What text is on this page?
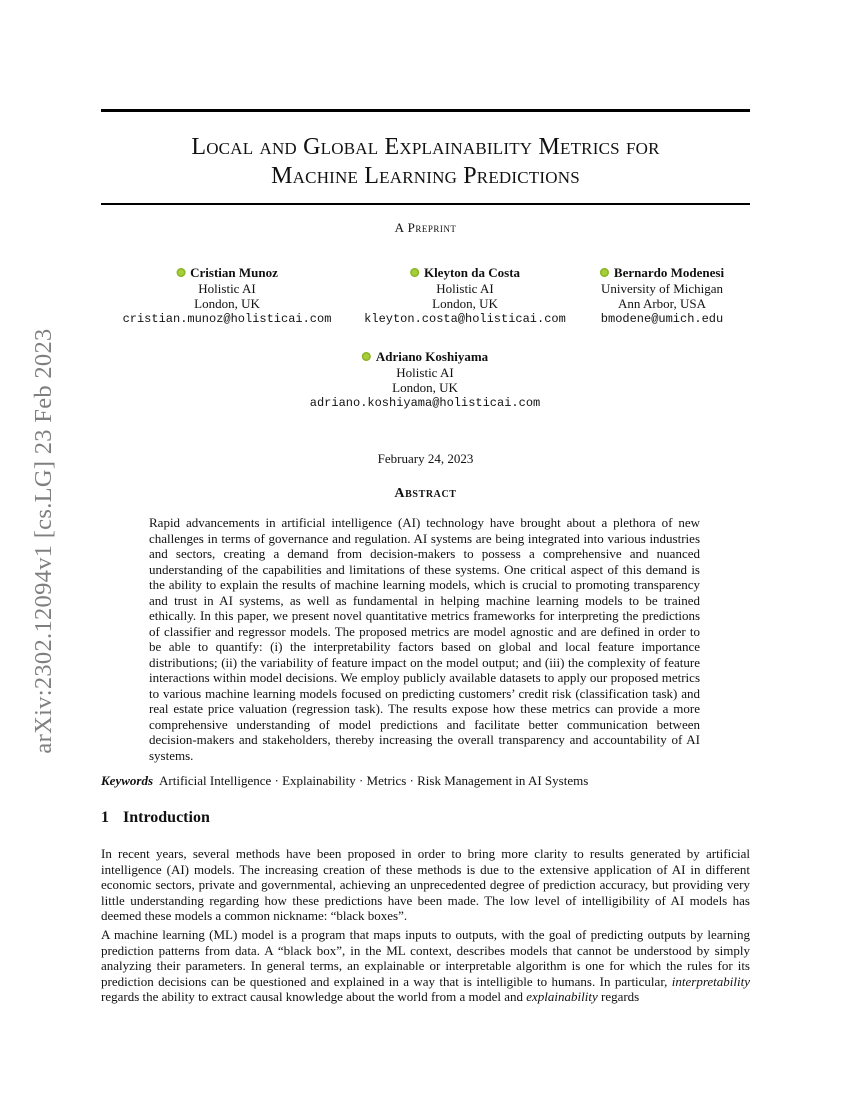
arXiv:2302.12094v1 [cs.LG] 23 Feb 2023
Local and Global Explainability Metrics for
Machine Learning Predictions
A Preprint
Cristian Munoz
Holistic AI
London, UK
cristian.munoz@holisticai.com
Kleyton da Costa
Holistic AI
London, UK
kleyton.costa@holisticai.com
Bernardo Modenesi
University of Michigan
Ann Arbor, USA
bmodene@umich.edu
Adriano Koshiyama
Holistic AI
London, UK
adriano.koshiyama@holisticai.com
February 24, 2023
Abstract

Rapid advancements in artificial intelligence (AI) technology have brought about a plethora of new challenges in terms of governance and regulation. AI systems are being integrated into various industries and sectors, creating a demand from decision-makers to possess a comprehensive and nuanced understanding of the capabilities and limitations of these systems. One critical aspect of this demand is the ability to explain the results of machine learning models, which is crucial to promoting transparency and trust in AI systems, as well as fundamental in helping machine learning models to be trained ethically. In this paper, we present novel quantitative metrics frameworks for interpreting the predictions of classifier and regressor models. The proposed metrics are model agnostic and are defined in order to be able to quantify: (i) the interpretability factors based on global and local feature importance distributions; (ii) the variability of feature impact on the model output; and (iii) the complexity of feature interactions within model decisions. We employ publicly available datasets to apply our proposed metrics to various machine learning models focused on predicting customers’ credit risk (classification task) and real estate price valuation (regression task). The results expose how these metrics can provide a more comprehensive understanding of model predictions and facilitate better communication between decision-makers and stakeholders, thereby increasing the overall transparency and accountability of AI systems.

Keywords Artificial Intelligence · Explainability · Metrics · Risk Management in AI Systems

1 Introduction

In recent years, several methods have been proposed in order to bring more clarity to results generated by artificial intelligence (AI) models. The increasing creation of these methods is due to the extensive application of AI in different economic sectors, private and governmental, achieving an unprecedented degree of prediction accuracy, but providing very little understanding regarding how these predictions have been made. The low level of intelligibility of AI models has deemed these models a common nickname: “black boxes”.

A machine learning (ML) model is a program that maps inputs to outputs, with the goal of predicting outputs by learning prediction patterns from data. A “black box”, in the ML context, describes models that cannot be understood by simply analyzing their parameters. In general terms, an explainable or interpretable algorithm is one for which the rules for its prediction decisions can be questioned and explained in a way that is intelligible to humans. In particular, interpretability regards the ability to extract causal knowledge about the world from a model and explainability regards
